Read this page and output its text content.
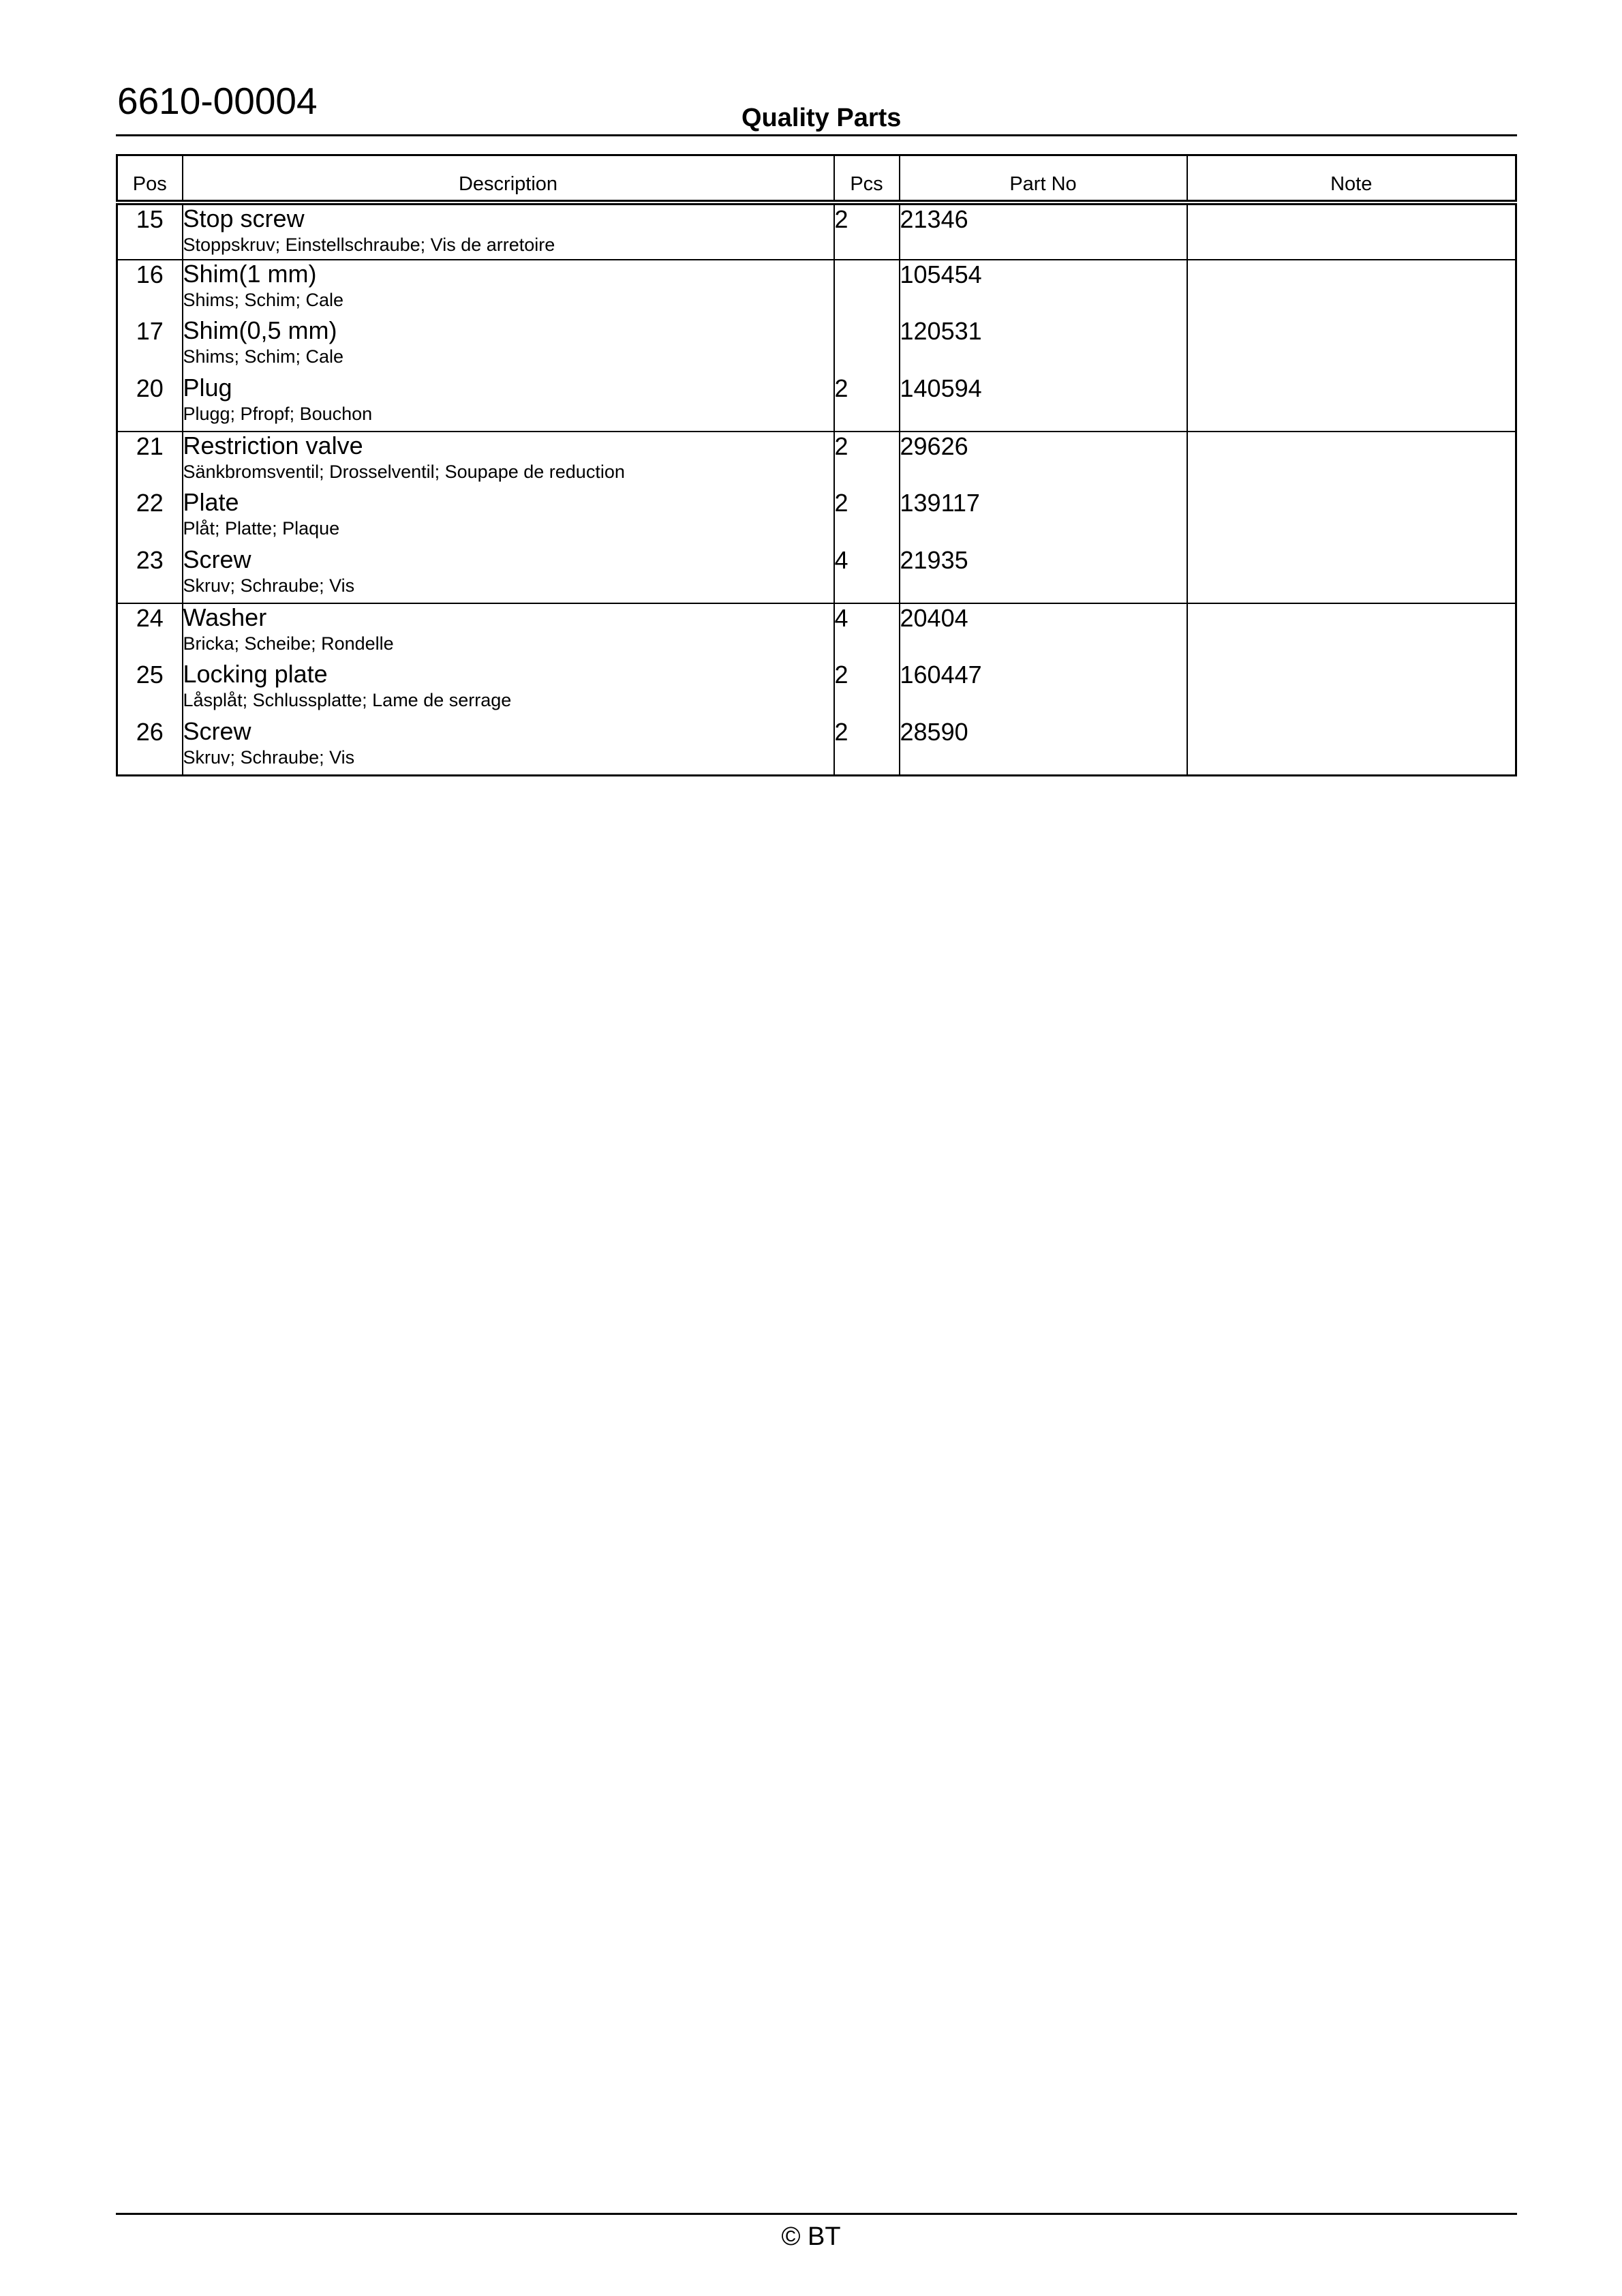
6610-00004	Quality Parts
Pos	Description	Pcs	Part No	Note
15	Stop screw
Stoppskruv; Einstellschraube; Vis de arretoire	2	21346	
16	Shim(1 mm)
Shims; Schim; Cale		105454	
17	Shim(0,5 mm)
Shims; Schim; Cale		120531	
20	Plug
Plugg; Pfropf; Bouchon	2	140594	
21	Restriction valve
Sänkbromsventil; Drosselventil; Soupape de reduction	2	29626	
22	Plate
Plåt; Platte; Plaque	2	139117	
23	Screw
Skruv; Schraube; Vis	4	21935	
24	Washer
Bricka; Scheibe; Rondelle	4	20404	
25	Locking plate
Låsplåt; Schlussplatte; Lame de serrage	2	160447	
26	Screw
Skruv; Schraube; Vis	2	28590	
© BT
